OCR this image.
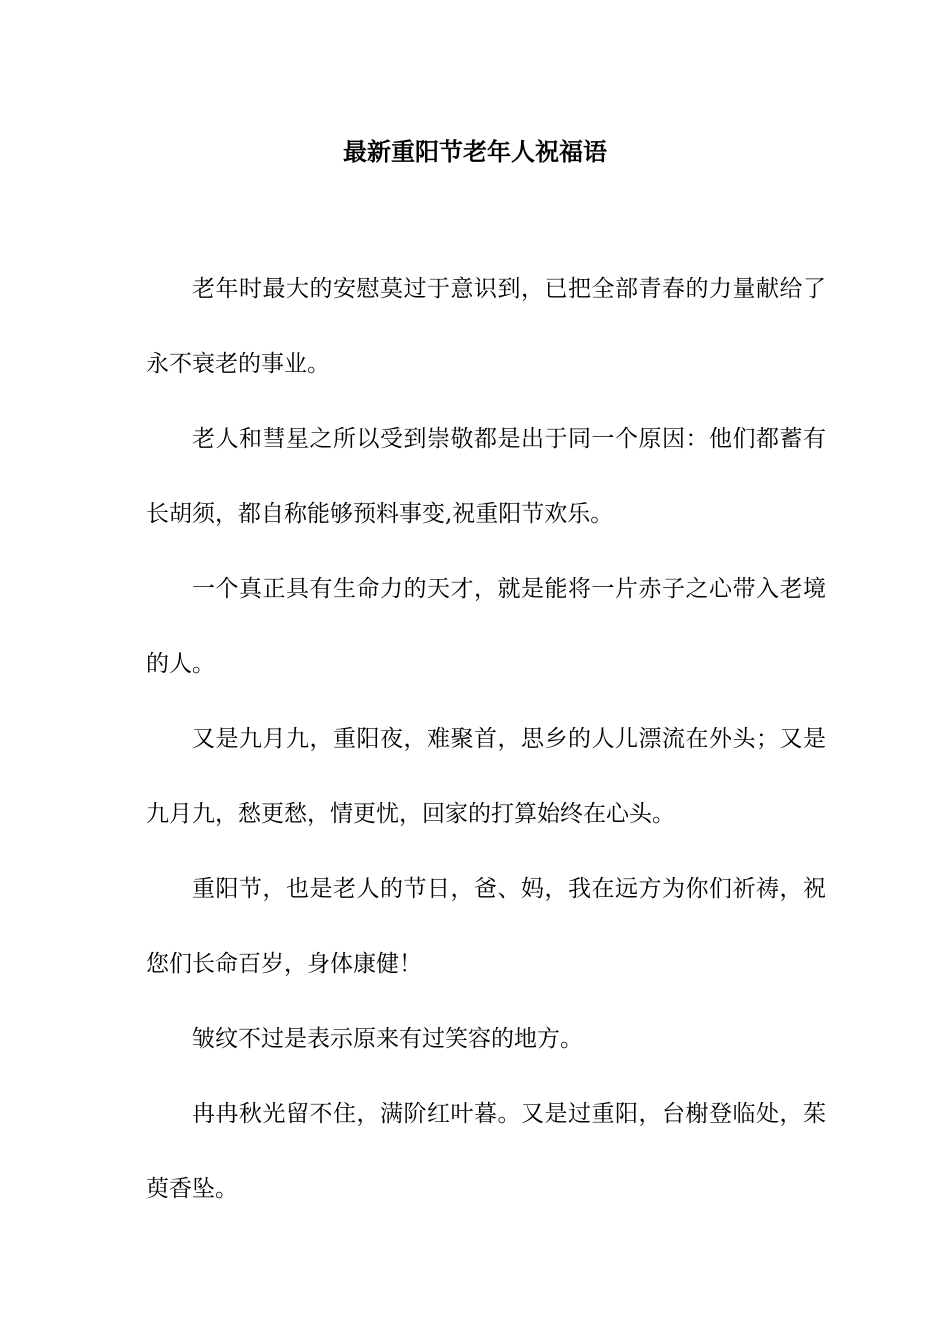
最新重阳节老年人祝福语

老年时最大的安慰莫过于意识到，已把全部青春的力量献给了永不衰老的事业。

老人和彗星之所以受到崇敬都是出于同一个原因：他们都蓄有长胡须，都自称能够预料事变,祝重阳节欢乐。

一个真正具有生命力的天才，就是能将一片赤子之心带入老境的人。

又是九月九，重阳夜，难聚首，思乡的人儿漂流在外头；又是九月九，愁更愁，情更忧，回家的打算始终在心头。

重阳节，也是老人的节日，爸、妈，我在远方为你们祈祷，祝您们长命百岁，身体康健！

皱纹不过是表示原来有过笑容的地方。

冉冉秋光留不住，满阶红叶暮。又是过重阳，台榭登临处，茱萸香坠。
